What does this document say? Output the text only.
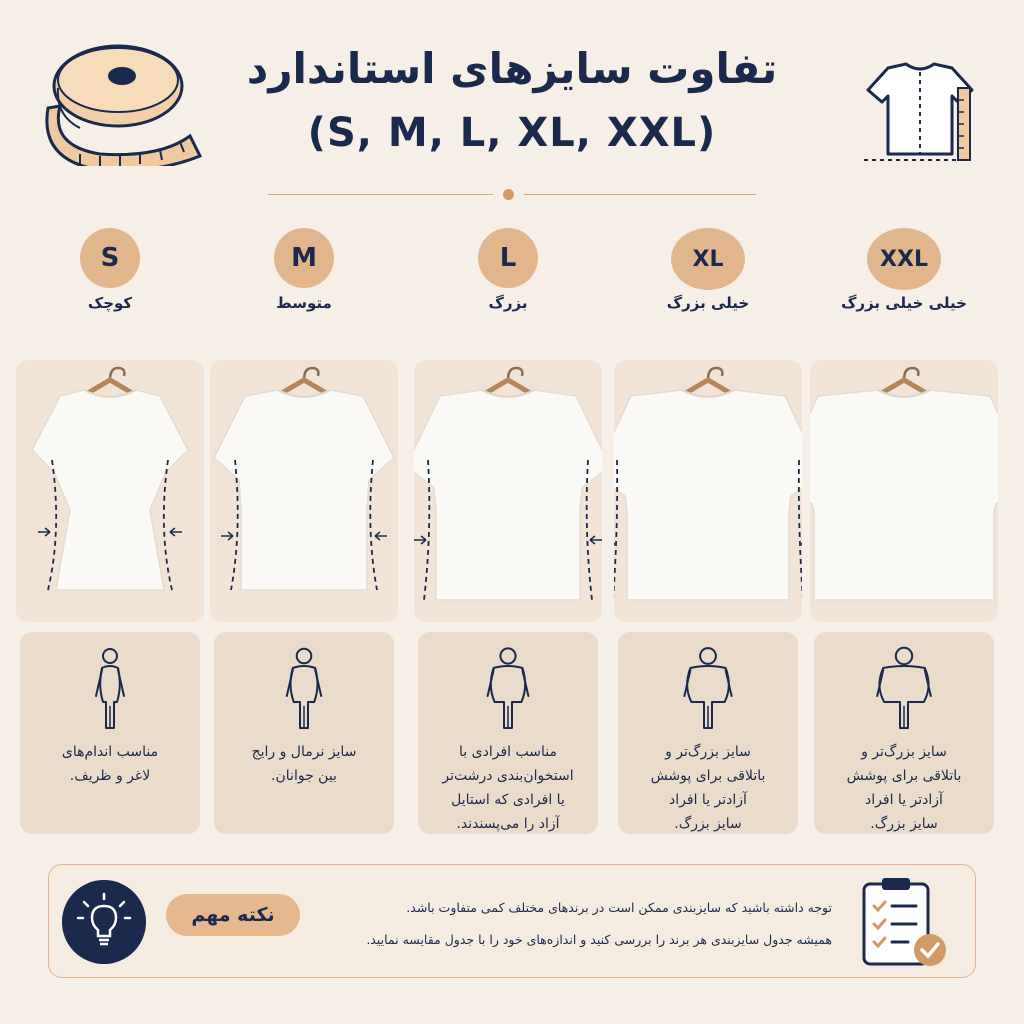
تفاوت سایزهای استاندارد
(S, M, L, XL, XXL)
S
کوچک
مناسب اندام‌های
لاغر و ظریف.
M
متوسط
سایز نرمال و رایج
بین جوانان.
L
بزرگ
مناسب افرادی با
استخوان‌بندی درشت‌تر
یا افرادی که استایل
آزاد را می‌پسندند.
XL
خیلی بزرگ
سایز بزرگ‌تر و
باتلاقی برای پوشش
آزادتر یا افراد
سایز بزرگ.
XXL
خیلی خیلی بزرگ
سایز بزرگ‌تر و
باتلاقی برای پوشش
آزادتر یا افراد
سایز بزرگ.
نکته مهم	توجه داشته باشید که سایزبندی ممکن است در برندهای مختلف کمی متفاوت باشد.
همیشه جدول سایزبندی هر برند را بررسی کنید و اندازه‌های خود را با جدول مقایسه نمایید.
